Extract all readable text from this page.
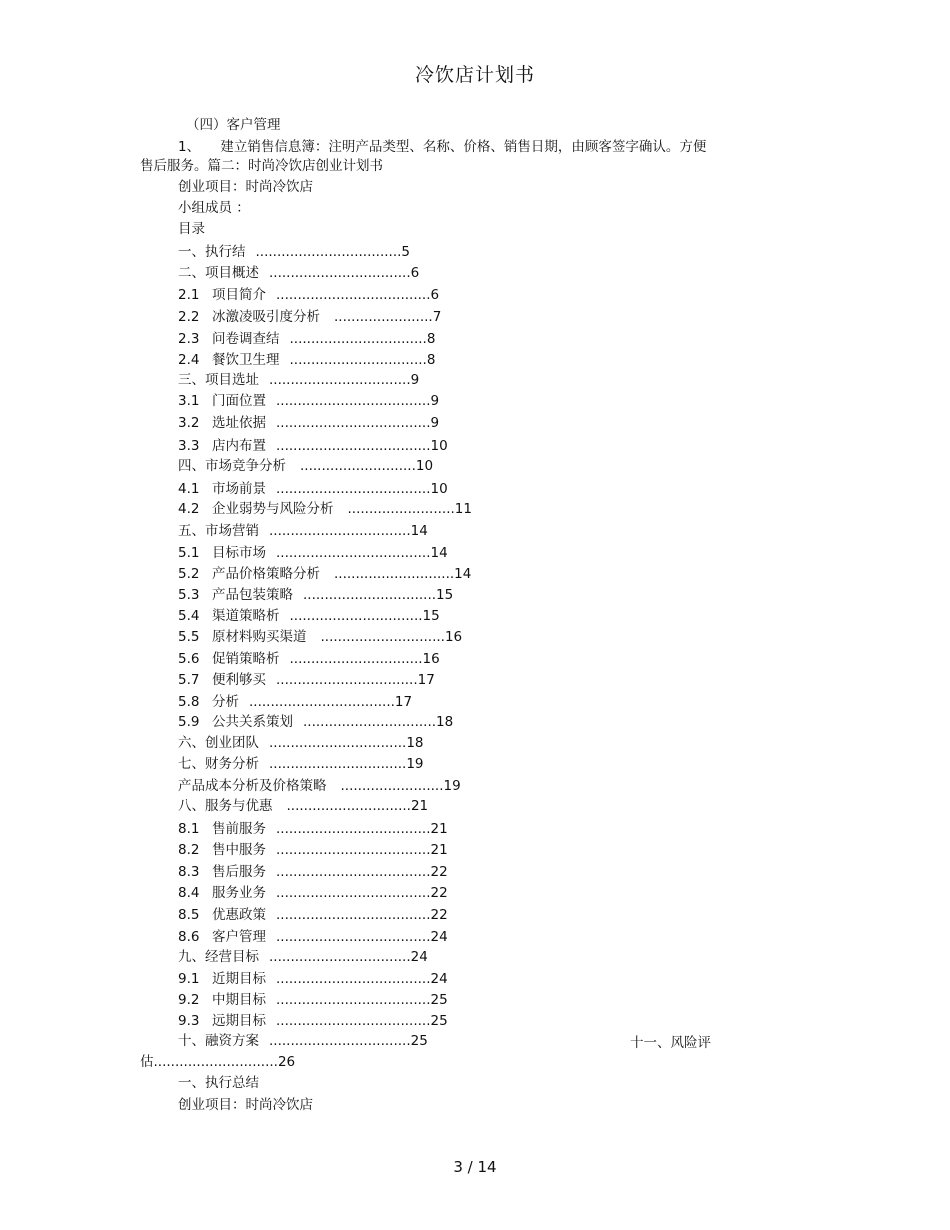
冷饮店计划书
（四）客户管理
1、 建立销售信息簿：注明产品类型、名称、价格、销售日期，由顾客签字确认。方便
售后服务。篇二：时尚冷饮店创业计划书
创业项目：时尚冷饮店
小组成员 ：
目录
一、执行结 ..................................5
二、项目概述 .................................6
2.1 项目简介 ....................................6
2.2 冰激凌吸引度分析 .......................7
2.3 问卷调查结 ................................8
2.4 餐饮卫生理 ................................8
三、项目选址 .................................9
3.1 门面位置 ....................................9
3.2 选址依据 ....................................9
3.3 店内布置 ....................................10
四、市场竞争分析 ...........................10
4.1 市场前景 ....................................10
4.2 企业弱势与风险分析 .........................11
五、市场营销 .................................14
5.1 目标市场 ....................................14
5.2 产品价格策略分析 ............................14
5.3 产品包装策略 ...............................15
5.4 渠道策略析 ...............................15
5.5 原材料购买渠道 .............................16
5.6 促销策略析 ...............................16
5.7 便利够买 .................................17
5.8 分析 ..................................17
5.9 公共关系策划 ...............................18
六、创业团队 ................................18
七、财务分析 ................................19
产品成本分析及价格策略 ........................19
八、服务与优惠 .............................21
8.1 售前服务 ....................................21
8.2 售中服务 ....................................21
8.3 售后服务 ....................................22
8.4 服务业务 ....................................22
8.5 优惠政策 ....................................22
8.6 客户管理 ....................................24
九、经营目标 .................................24
9.1 近期目标 ....................................24
9.2 中期目标 ....................................25
9.3 远期目标 ....................................25
十、融资方案 .................................25	十一、风险评
估.............................26
一、执行总结
创业项目：时尚冷饮店
3 / 14
